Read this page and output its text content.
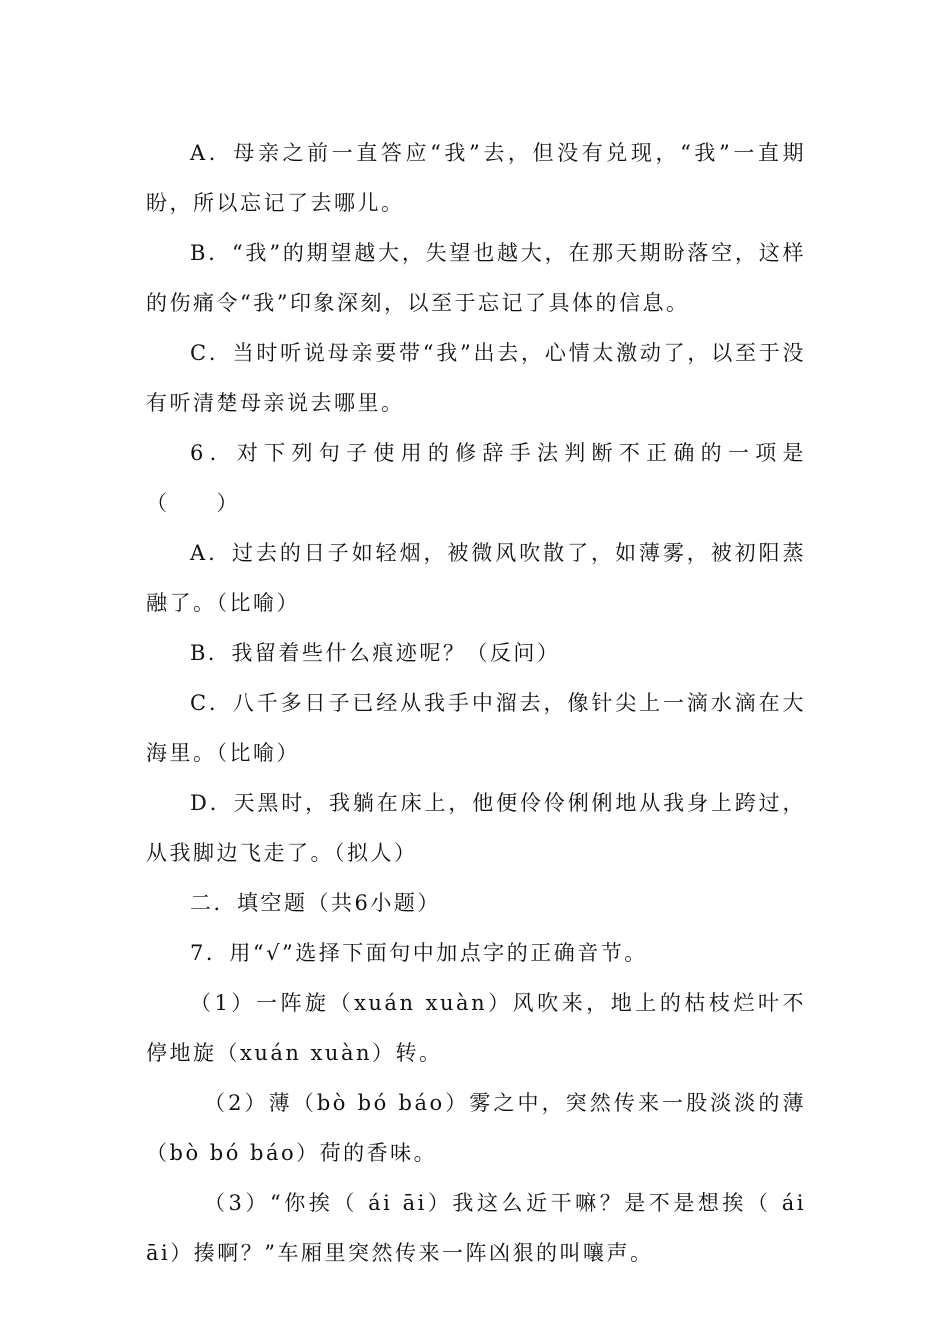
A．母亲之前一直答应“我”去，但没有兑现，“我”一直期盼，所以忘记了去哪儿。

B．“我”的期望越大，失望也越大，在那天期盼落空，这样的伤痛令“我”印象深刻，以至于忘记了具体的信息。

C．当时听说母亲要带“我”出去，心情太激动了，以至于没有听清楚母亲说去哪里。

6．对下列句子使用的修辞手法判断不正确的一项是（　　）

A．过去的日子如轻烟，被微风吹散了，如薄雾，被初阳蒸融了。（比喻）

B．我留着些什么痕迹呢？（反问）

C．八千多日子已经从我手中溜去，像针尖上一滴水滴在大海里。（比喻）

D．天黑时，我躺在床上，他便伶伶俐俐地从我身上跨过，从我脚边飞走了。（拟人）

二．填空题（共6小题）

7．用“√”选择下面句中加点字的正确音节。

（1）一阵旋（xuán xuàn）风吹来，地上的枯枝烂叶不停地旋（xuán xuàn）转。

（2）薄（bò bó báo）雾之中，突然传来一股淡淡的薄（bò bó báo）荷的香味。

（3）“你挨（ ái āi）我这么近干嘛？是不是想挨（ ái āi）揍啊？”车厢里突然传来一阵凶狠的叫嚷声。
